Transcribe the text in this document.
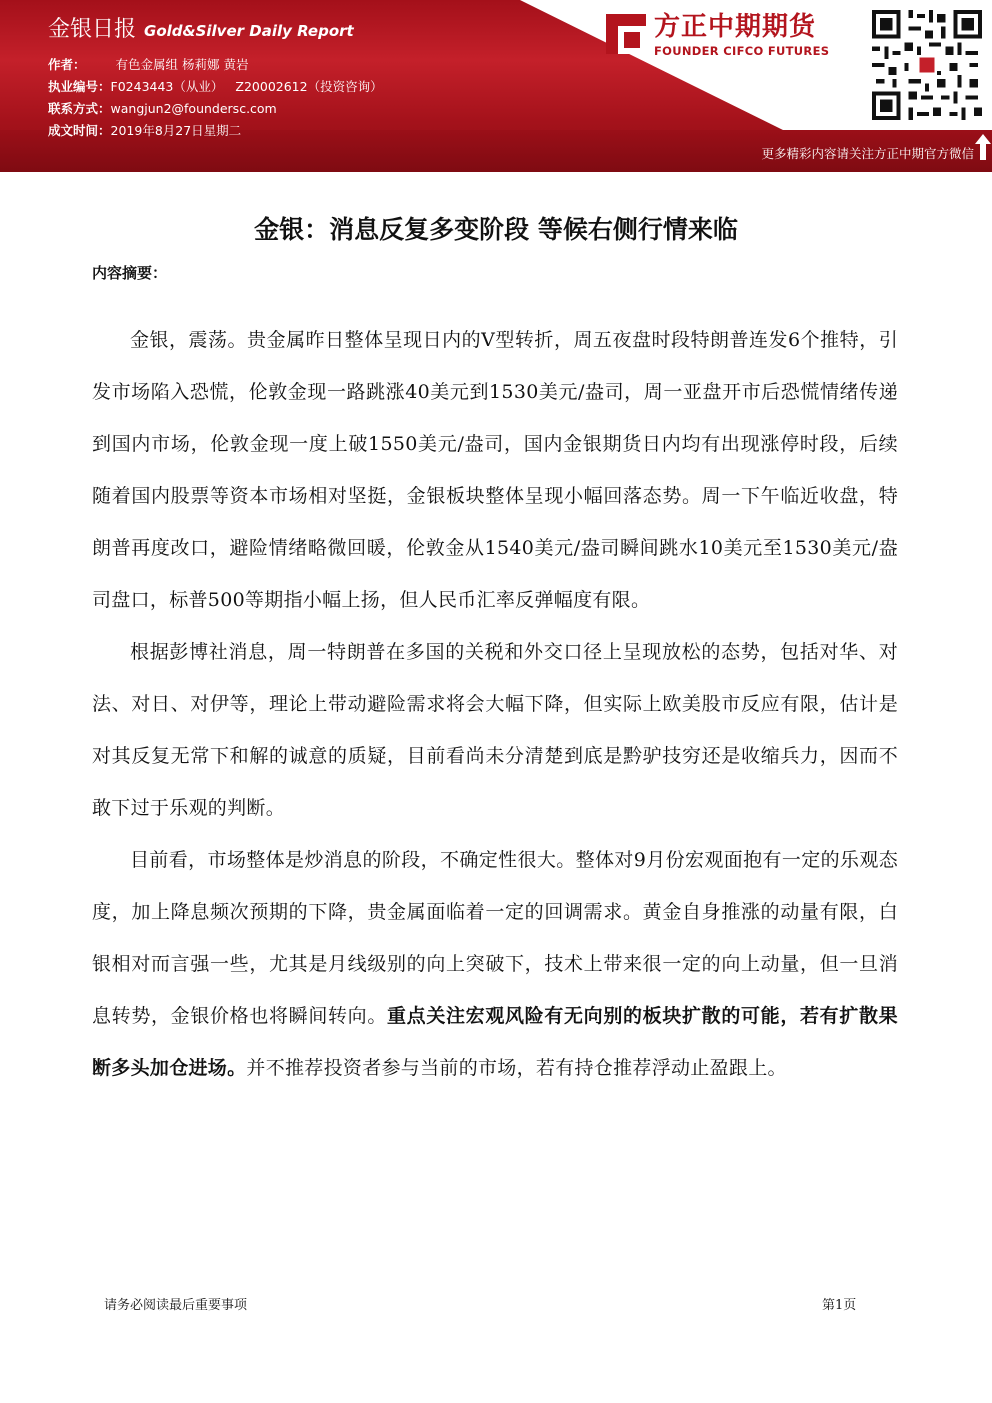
金银日报 Gold&Silver Daily Report
作者： 有色金属组 杨莉娜 黄岩
执业编号： F0243443（从业） Z20002612（投资咨询）
联系方式： wangjun2@foundersc.com
成文时间： 2019年8月27日星期二
方正中期期货
FOUNDER CIFCO FUTURES
更多精彩内容请关注方正中期官方微信
金银：消息反复多变阶段 等候右侧行情来临
内容摘要：

金银，震荡。贵金属昨日整体呈现日内的V型转折，周五夜盘时段特朗普连发6个推特，引发市场陷入恐慌，伦敦金现一路跳涨40美元到1530美元/盎司，周一亚盘开市后恐慌情绪传递到国内市场，伦敦金现一度上破1550美元/盎司，国内金银期货日内均有出现涨停时段，后续随着国内股票等资本市场相对坚挺，金银板块整体呈现小幅回落态势。周一下午临近收盘，特朗普再度改口，避险情绪略微回暖，伦敦金从1540美元/盎司瞬间跳水10美元至1530美元/盎司盘口，标普500等期指小幅上扬，但人民币汇率反弹幅度有限。

根据彭博社消息，周一特朗普在多国的关税和外交口径上呈现放松的态势，包括对华、对法、对日、对伊等，理论上带动避险需求将会大幅下降，但实际上欧美股市反应有限，估计是对其反复无常下和解的诚意的质疑，目前看尚未分清楚到底是黔驴技穷还是收缩兵力，因而不敢下过于乐观的判断。

目前看，市场整体是炒消息的阶段，不确定性很大。整体对9月份宏观面抱有一定的乐观态度，加上降息频次预期的下降，贵金属面临着一定的回调需求。黄金自身推涨的动量有限，白银相对而言强一些，尤其是月线级别的向上突破下，技术上带来很一定的向上动量，但一旦消息转势，金银价格也将瞬间转向。重点关注宏观风险有无向别的板块扩散的可能，若有扩散果断多头加仓进场。并不推荐投资者参与当前的市场，若有持仓推荐浮动止盈跟上。

请务必阅读最后重要事项	第1页
